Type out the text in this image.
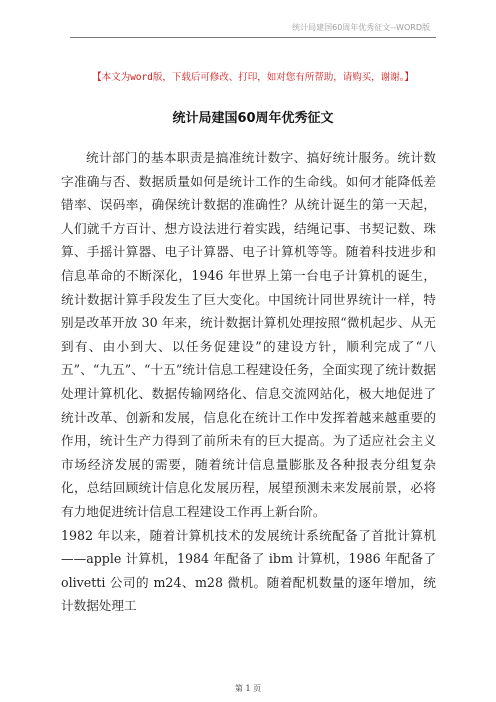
统计局建国60周年优秀征文--WORD版
【本文为word版，下载后可修改、打印，如对您有所帮助，请购买，谢谢。】
统计局建国60周年优秀征文

统计部门的基本职责是搞准统计数字、搞好统计服务。统计数字准确与否、数据质量如何是统计工作的生命线。如何才能降低差错率、误码率，确保统计数据的准确性？从统计诞生的第一天起，人们就千方百计、想方设法进行着实践，结绳记事、书契记数、珠算、手摇计算器、电子计算器、电子计算机等等。随着科技进步和信息革命的不断深化，1946 年世界上第一台电子计算机的诞生，统计数据计算手段发生了巨大变化。中国统计同世界统计一样，特别是改革开放 30 年来，统计数据计算机处理按照“微机起步、从无到有、由小到大、以任务促建设”的建设方针，顺利完成了“八五”、“九五”、“十五”统计信息工程建设任务，全面实现了统计数据处理计算机化、数据传输网络化、信息交流网站化，极大地促进了统计改革、创新和发展，信息化在统计工作中发挥着越来越重要的作用，统计生产力得到了前所未有的巨大提高。为了适应社会主义市场经济发展的需要，随着统计信息量膨胀及各种报表分组复杂化，总结回顾统计信息化发展历程，展望预测未来发展前景，必将有力地促进统计信息工程建设工作再上新台阶。

1982 年以来，随着计算机技术的发展统计系统配备了首批计算机——apple 计算机，1984 年配备了 ibm 计算机，1986 年配备了 olivetti 公司的 m24、m28 微机。随着配机数量的逐年增加，统计数据处理工

第 1 页
